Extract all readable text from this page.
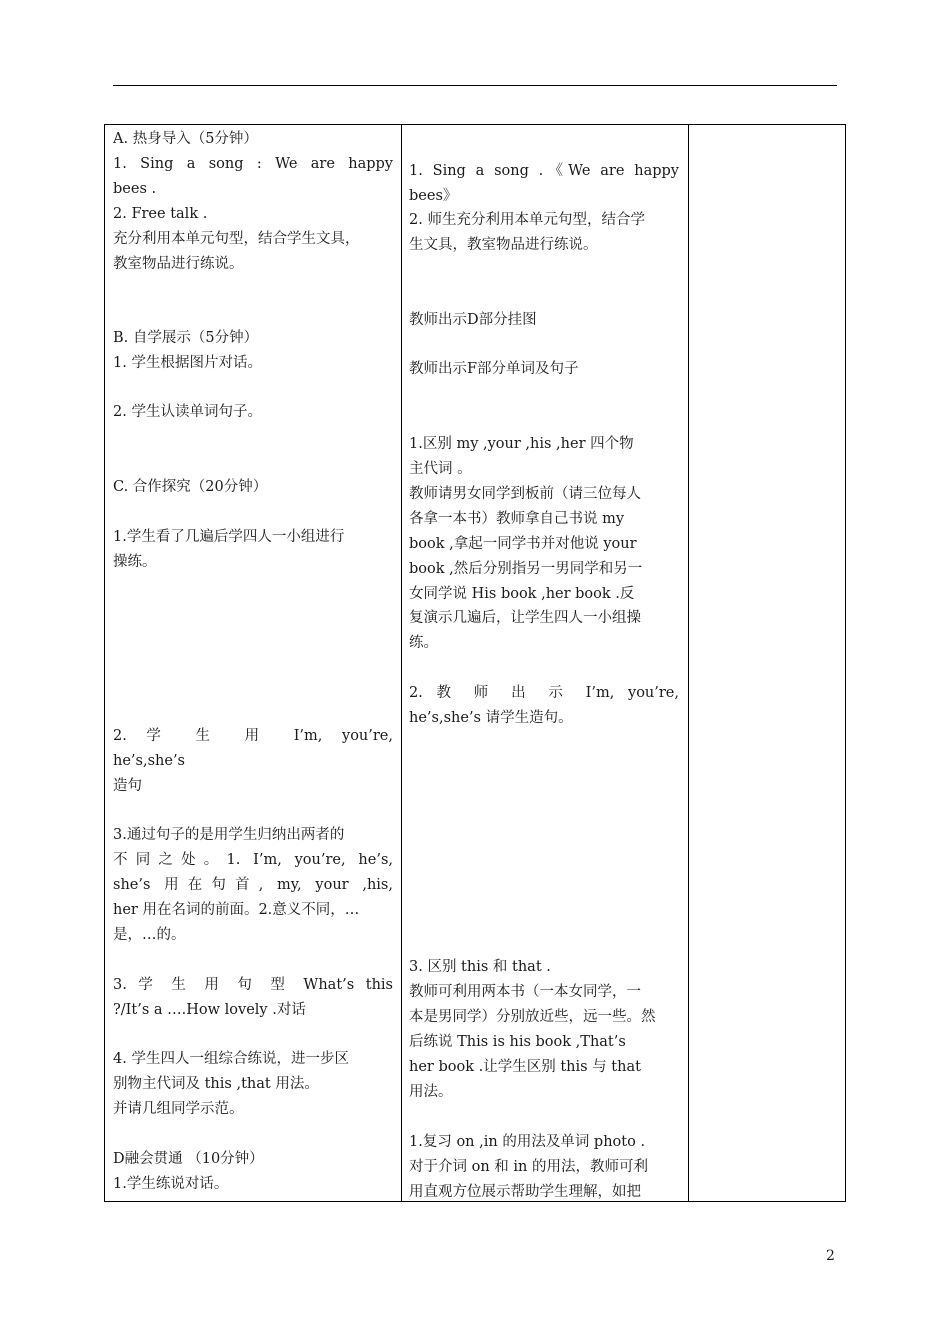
A. 热身导入（5分钟）
1. Sing a song : We are happy
bees .
2. Free talk .
充分利用本单元句型，结合学生文具，
教室物品进行练说。
B. 自学展示（5分钟）
1. 学生根据图片对话。
2. 学生认读单词句子。
C. 合作探究（20分钟）
1.学生看了几遍后学四人一小组进行
操练。
2. 学 生 用 I’m, you’re,
he’s,she’s
造句
3.通过句子的是用学生归纳出两者的
不同之处。1. I’m, you’re, he’s,
she’s 用在句首, my, your ,his,
her 用在名词的前面。2.意义不同，…
是，…的。
3. 学 生 用 句 型 What’s this
?/It’s a ….How lovely .对话
4. 学生四人一组综合练说，进一步区
别物主代词及 this ,that 用法。
并请几组同学示范。
D融会贯通 （10分钟）
1.学生练说对话。
1. Sing a song .《We are happy
bees》
2. 师生充分利用本单元句型，结合学
生文具，教室物品进行练说。
教师出示D部分挂图
教师出示F部分单词及句子
1.区别 my ,your ,his ,her 四个物
主代词 。
教师请男女同学到板前（请三位每人
各拿一本书）教师拿自己书说 my
book ,拿起一同学书并对他说 your
book ,然后分别指另一男同学和另一
女同学说 His book ,her book .反
复演示几遍后，让学生四人一小组操
练。
2. 教 师 出 示 I’m, you’re,
he’s,she’s 请学生造句。
3. 区别 this 和 that .
教师可利用两本书（一本女同学，一
本是男同学）分别放近些，远一些。然
后练说 This is his book ,That’s
her book .让学生区别 this 与 that
用法。
1.复习 on ,in 的用法及单词 photo .
对于介词 on 和 in 的用法，教师可利
用直观方位展示帮助学生理解，如把
2
